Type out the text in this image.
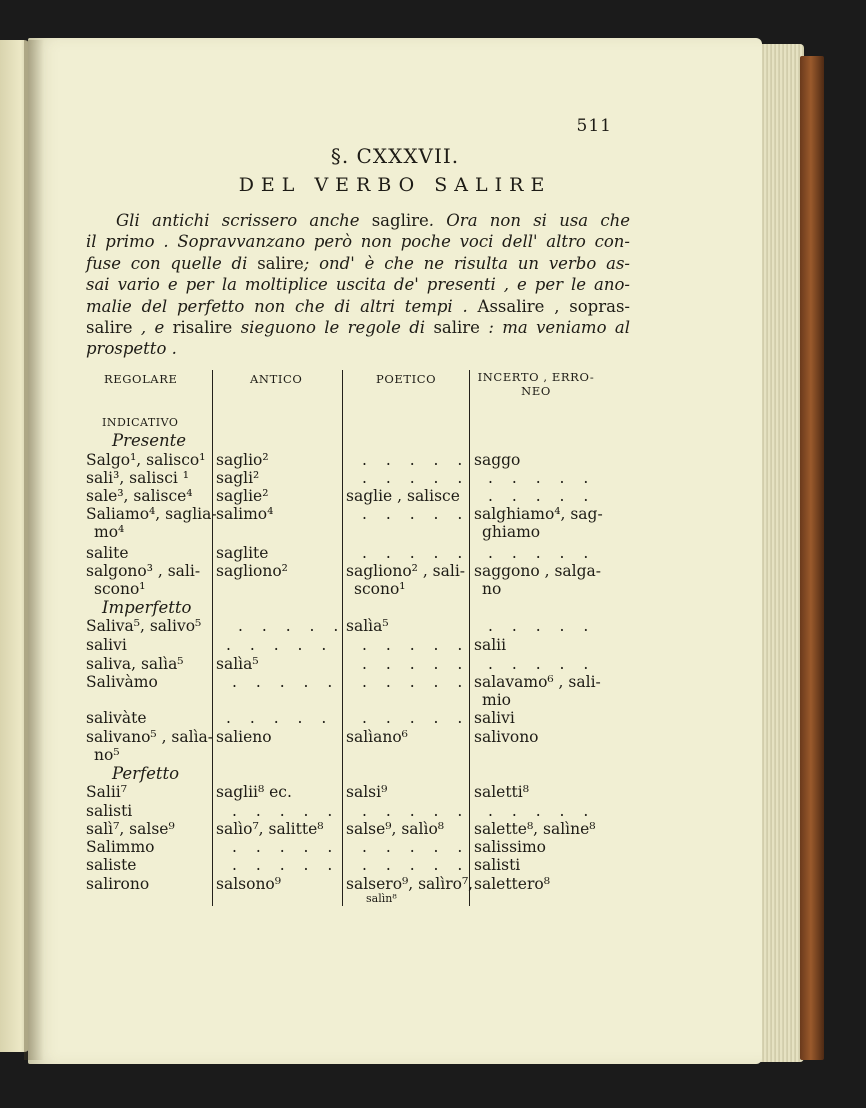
511
§. CXXXVII.
DEL VERBO SALIRE

Gli antichi scrissero anche saglire. Ora non si usa che
il primo . Sopravvanzano però non poche voci dell' altro con-
fuse con quelle di salire; ond' è che ne risulta un verbo as-
sai vario e per la moltiplice uscita de' presenti , e per le ano-
malie del perfetto non che di altri tempi . Assalire , sopras-
salire , e risalire sieguono le regole di salire : ma veniamo al
prospetto .

REGOLARE
INDICATIVO
Presente
Salgo¹, salisco¹
sali³, salisci ¹
sale³, salisce⁴
Saliamo⁴, saglia-
mo⁴
salite
salgono³ , sali-
scono¹
Imperfetto
Saliva⁵, salivo⁵
salivi
saliva, salìa⁵
Salivàmo
salivàte
salivano⁵ , salìa-
no⁵
Perfetto
Salii⁷
salisti
salì⁷, salse⁹
Salimmo
saliste
salirono
ANTICO
saglio²
sagli²
saglie²
salimo⁴
saglite
sagliono²
. . . . .
. . . . .
salìa⁵
. . . . .
. . . . .
salieno
saglii⁸ ec.
. . . . .
salìo⁷, salitte⁸
. . . . .
. . . . .
salsono⁹
POETICO
. . . . .
. . . . .
saglie , salisce
. . . . .
. . . . .
sagliono² , sali-
scono¹
salìa⁵
. . . . .
. . . . .
. . . . .
. . . . .
salìano⁶
salsi⁹
. . . . .
salse⁹, salìo⁸
. . . . .
. . . . .
salsero⁹, salìro⁷,
salìn⁸
INCERTO , ERRO-
NEO
saggo
. . . . .
. . . . .
salghiamo⁴, sag-
ghiamo
. . . . .
saggono , salga-
no
. . . . .
salii
. . . . .
salavamo⁶ , sali-
mio
salivi
salivono
saletti⁸
. . . . .
salette⁸, salìne⁸
salissimo
salisti
salettero⁸
